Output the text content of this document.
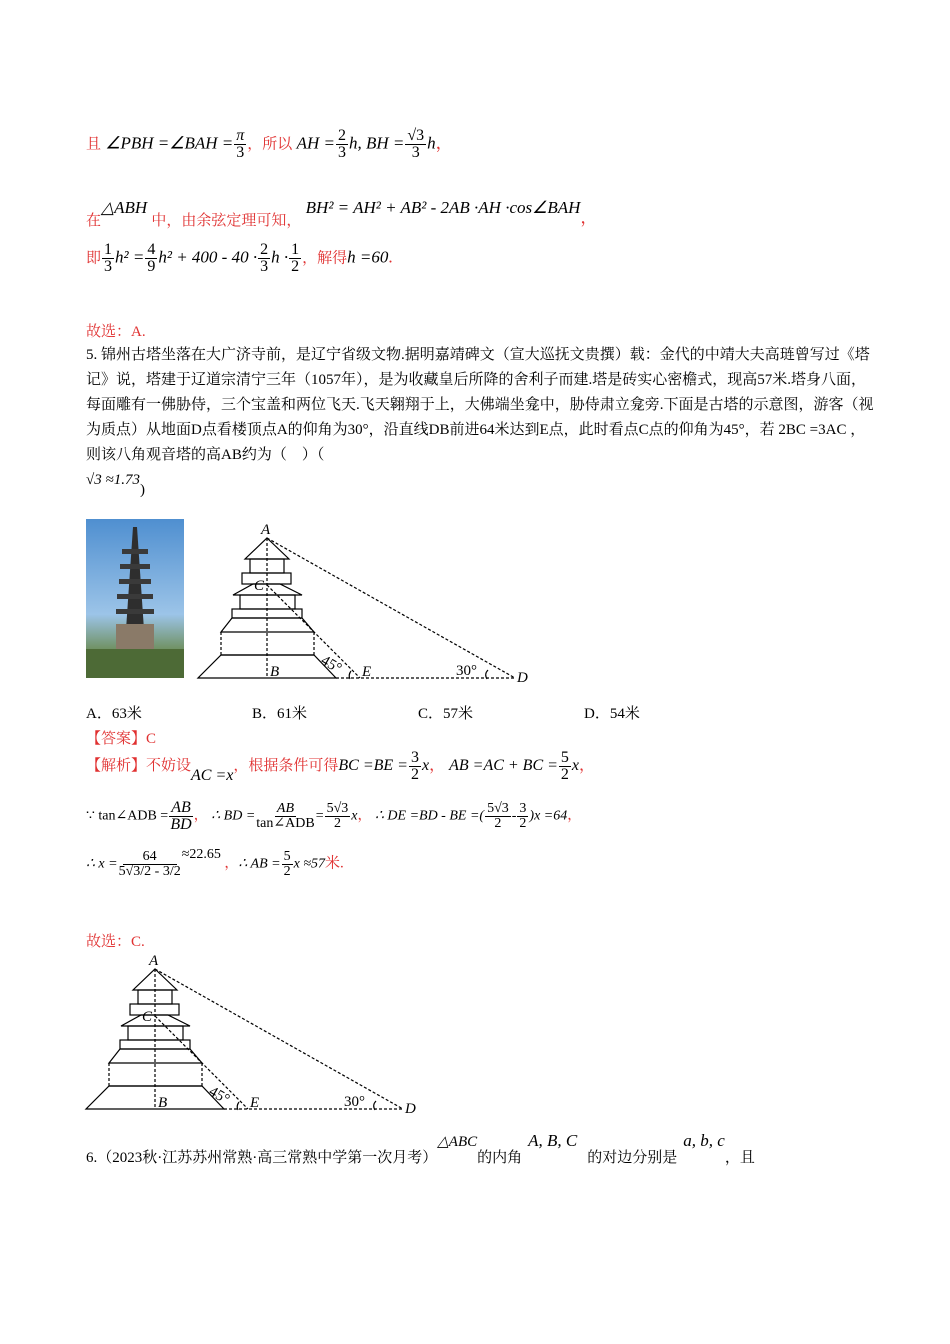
且 ∠PBH =∠BAH = $\frac{\pi}{3}$ ，所以 AH = $\frac{2}{3} h$, BH = $\frac{√3}{3}$ h，
在△ABH 中，由余弦定理可知， BH² = AH² + AB² - 2AB ·AH ·cos∠BAH，
即 $\frac{1}{3} h^2 = \frac{4}{9} h^2 + 400 - 40 \cdot \frac{2}{3}$ $h \cdot \frac{1}{2}$ ，解得h =60.
故选：A.
5. 锦州古塔坐落在大广济寺前，是辽宁省级文物.据明嘉靖碑文（宣大巡抚文贵撰）载：金代的中靖大夫高琏曾写过《塔记》说，塔建于辽道宗清宁三年（1057年），是为收藏皇后所降的舍利子而建.塔是砖实心密檐式，现高57米.塔身八面，每面雕有一佛胁侍，三个宝盖和两位飞天.飞天翱翔于上，大佛端坐龛中，胁侍肃立龛旁.下面是古塔的示意图，游客（视为质点）从地面D点看楼顶点A的仰角为30°，沿直线DB前进64米达到E点，此时看点C点的仰角为45°，若 2BC =3AC ，则该八角观音塔的高AB约为（　）（
√3 ≈1.73)
A
C
B	E	D
45°	30°
A．63米	B．61米	C．57米	D．54米
【答案】C
【解析】不妨设AC =x，根据条件可得BC $=BE = \frac{3}{2}$ x， AB =AC + BC = $\frac{5}{2}$ x，
∵ tan∠ADB = $\frac{AB}{BD}$ ， ∴ BD =
AB
tan∠ADB = $\frac{5√3}{2}$ x， ∴ DE =BD - BE =( $\frac{5√3}{2} - \frac{3}{2} )x =64$，
∴ $x = \frac{64}{5√3/2 - 3/2} \approx 22.65$ ，∴ AB = $\frac{5}{2}$ x ≈57米.
故选：C.
A
C
B	E	D
45°	30°
6.（2023秋·江苏苏州常熟·高三常熟中学第一次月考）△ABC的内角A, B, C的对边分别是a, b, c，且
